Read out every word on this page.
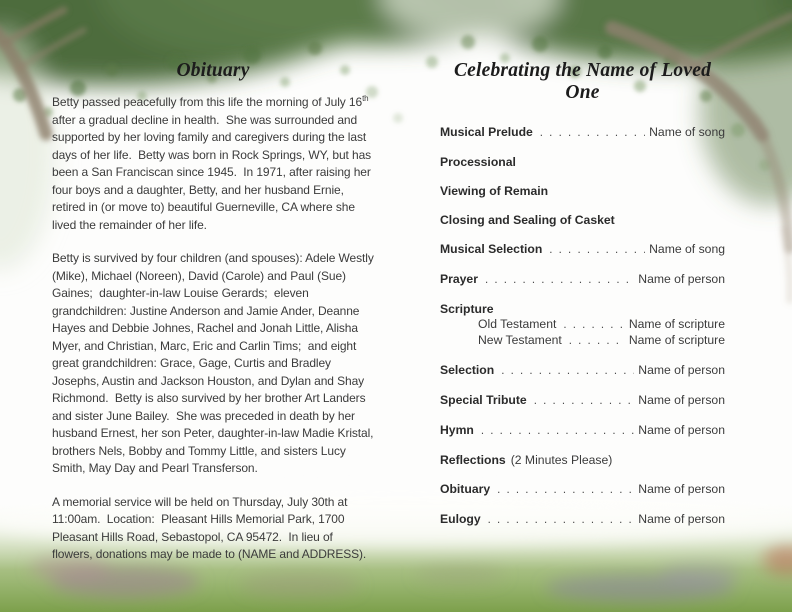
Obituary

Betty passed peacefully from this life the morning of July 16th after a gradual decline in health.  She was surrounded and supported by her loving family and caregivers during the last days of her life.  Betty was born in Rock Springs, WY, but has been a San Franciscan since 1945.  In 1971, after raising her four boys and a daughter, Betty, and her husband Ernie, retired in (or move to) beautiful Guerneville, CA where she lived the remainder of her life.

Betty is survived by four children (and spouses): Adele Westly (Mike), Michael (Noreen), David (Carole) and Paul (Sue) Gaines;  daughter-in-law Louise Gerards;  eleven grandchildren: Justine Anderson and Jamie Ander, Deanne Hayes and Debbie Johnes, Rachel and Jonah Little, Alisha Myer, and Christian, Marc, Eric and Carlin Tims;  and eight great grandchildren: Grace, Gage, Curtis and Bradley Josephs, Austin and Jackson Houston, and Dylan and Shay Richmond.  Betty is also survived by her brother Art Landers and sister June Bailey.  She was preceded in death by her husband Ernest, her son Peter, daughter-in-law Madie Kristal, brothers Nels, Bobby and Tommy Little, and sisters Lucy Smith, May Day and Pearl Transferson.

A memorial service will be held on Thursday, July 30th at 11:00am.  Location:  Pleasant Hills Memorial Park, 1700 Pleasant Hills Road, Sebastopol, CA 95472.  In lieu of flowers, donations may be made to (NAME and ADDRESS).

Celebrating the Name of Loved One
Musical Prelude . . .	Name of song
Processional
Viewing of Remain
Closing and Sealing of Casket
Musical Selection . . .	Name of song
Prayer . . .	Name of person
Scripture
Old Testament . . .	Name of scripture
New Testament . . .	Name of scripture
Selection . . .	Name of person
Special Tribute . . .	Name of person
Hymn . . .	Name of person
Reflections (2 Minutes Please)
Obituary . . .	Name of person
Eulogy . . .	Name of person
